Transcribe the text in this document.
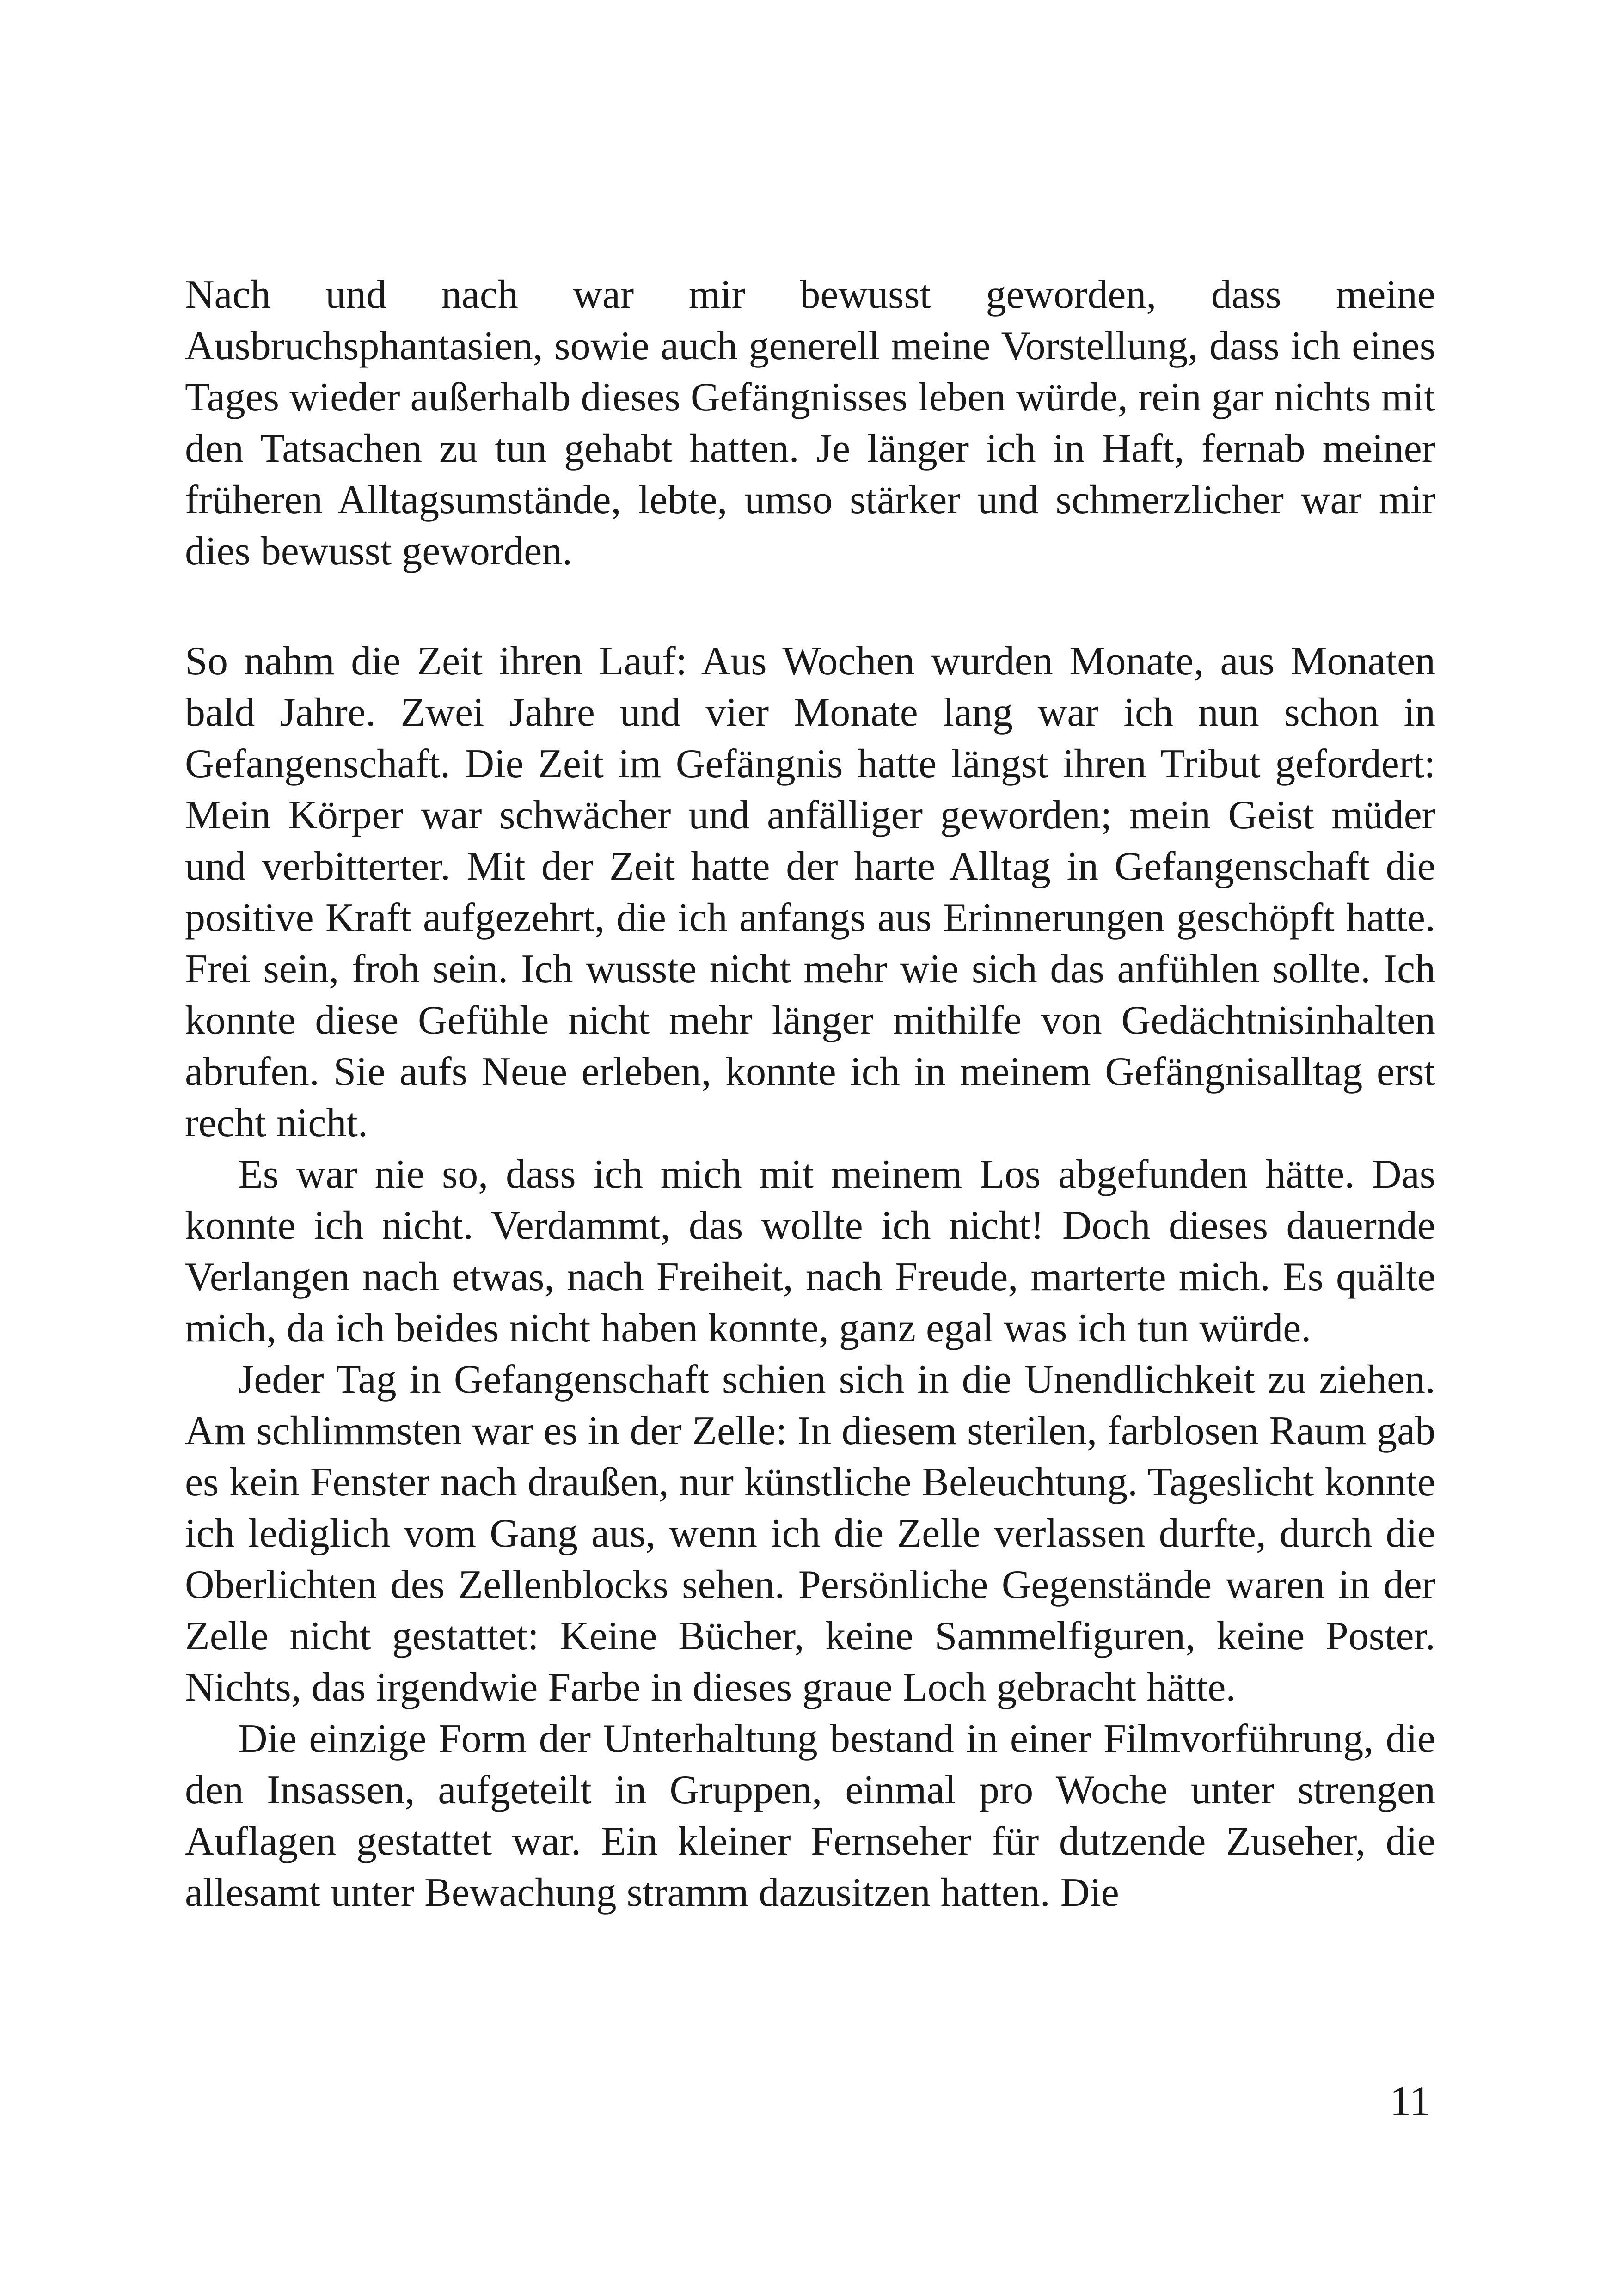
Nach und nach war mir bewusst geworden, dass meine Ausbruchsphantasien, sowie auch generell meine Vorstellung, dass ich eines Tages wieder außerhalb dieses Gefängnisses leben würde, rein gar nichts mit den Tatsachen zu tun gehabt hatten. Je länger ich in Haft, fernab meiner früheren Alltagsumstände, lebte, umso stärker und schmerzlicher war mir dies bewusst geworden.

So nahm die Zeit ihren Lauf: Aus Wochen wurden Monate, aus Monaten bald Jahre. Zwei Jahre und vier Monate lang war ich nun schon in Gefangenschaft. Die Zeit im Gefängnis hatte längst ihren Tribut gefordert: Mein Körper war schwächer und anfälliger geworden; mein Geist müder und verbitterter. Mit der Zeit hatte der harte Alltag in Gefangenschaft die positive Kraft aufgezehrt, die ich anfangs aus Erinnerungen geschöpft hatte. Frei sein, froh sein. Ich wusste nicht mehr wie sich das anfühlen sollte. Ich konnte diese Gefühle nicht mehr länger mithilfe von Gedächtnisinhalten abrufen. Sie aufs Neue erleben, konnte ich in meinem Gefängnisalltag erst recht nicht.

Es war nie so, dass ich mich mit meinem Los abgefunden hätte. Das konnte ich nicht. Verdammt, das wollte ich nicht! Doch dieses dauernde Verlangen nach etwas, nach Freiheit, nach Freude, marterte mich. Es quälte mich, da ich beides nicht haben konnte, ganz egal was ich tun würde.

Jeder Tag in Gefangenschaft schien sich in die Unendlichkeit zu ziehen. Am schlimmsten war es in der Zelle: In diesem sterilen, farblosen Raum gab es kein Fenster nach draußen, nur künstliche Beleuchtung. Tageslicht konnte ich lediglich vom Gang aus, wenn ich die Zelle verlassen durfte, durch die Oberlichten des Zellenblocks sehen. Persönliche Gegenstände waren in der Zelle nicht gestattet: Keine Bücher, keine Sammelfiguren, keine Poster. Nichts, das irgendwie Farbe in dieses graue Loch gebracht hätte.

Die einzige Form der Unterhaltung bestand in einer Filmvorführung, die den Insassen, aufgeteilt in Gruppen, einmal pro Woche unter strengen Auflagen gestattet war. Ein kleiner Fernseher für dutzende Zuseher, die allesamt unter Bewachung stramm dazusitzen hatten. Die

11
